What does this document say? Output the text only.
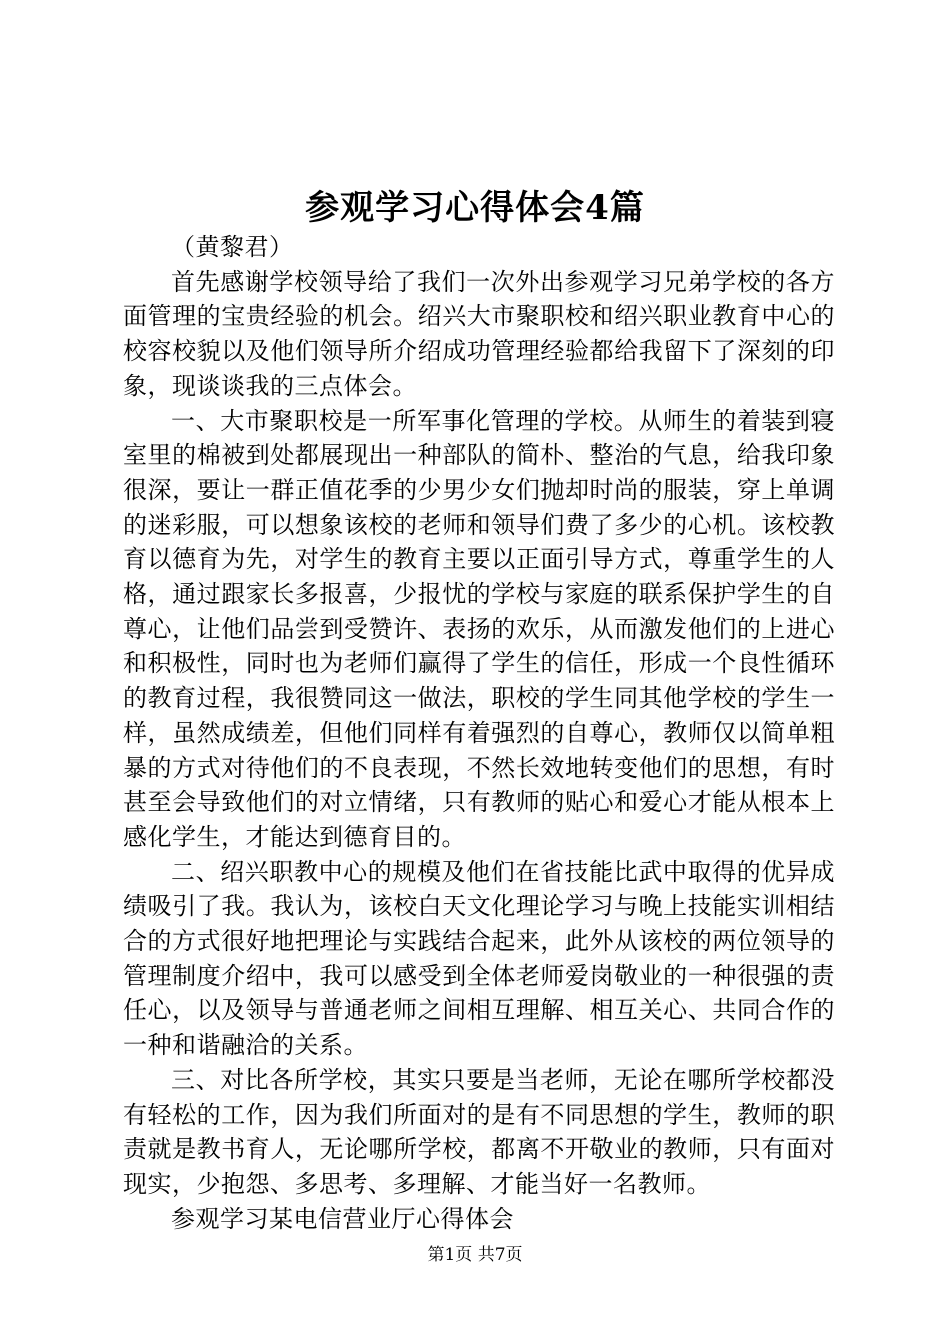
参观学习心得体会4篇

（黄黎君）

首先感谢学校领导给了我们一次外出参观学习兄弟学校的各方面管理的宝贵经验的机会。绍兴大市聚职校和绍兴职业教育中心的校容校貌以及他们领导所介绍成功管理经验都给我留下了深刻的印象，现谈谈我的三点体会。

一、大市聚职校是一所军事化管理的学校。从师生的着装到寝室里的棉被到处都展现出一种部队的简朴、整治的气息，给我印象很深，要让一群正值花季的少男少女们抛却时尚的服装，穿上单调的迷彩服，可以想象该校的老师和领导们费了多少的心机。该校教育以德育为先，对学生的教育主要以正面引导方式，尊重学生的人格，通过跟家长多报喜，少报忧的学校与家庭的联系保护学生的自尊心，让他们品尝到受赞许、表扬的欢乐，从而激发他们的上进心和积极性，同时也为老师们赢得了学生的信任，形成一个良性循环的教育过程，我很赞同这一做法，职校的学生同其他学校的学生一样，虽然成绩差，但他们同样有着强烈的自尊心，教师仅以简单粗暴的方式对待他们的不良表现，不然长效地转变他们的思想，有时甚至会导致他们的对立情绪，只有教师的贴心和爱心才能从根本上感化学生，才能达到德育目的。

二、绍兴职教中心的规模及他们在省技能比武中取得的优异成绩吸引了我。我认为，该校白天文化理论学习与晚上技能实训相结合的方式很好地把理论与实践结合起来，此外从该校的两位领导的管理制度介绍中，我可以感受到全体老师爱岗敬业的一种很强的责任心，以及领导与普通老师之间相互理解、相互关心、共同合作的一种和谐融洽的关系。

三、对比各所学校，其实只要是当老师，无论在哪所学校都没有轻松的工作，因为我们所面对的是有不同思想的学生，教师的职责就是教书育人，无论哪所学校，都离不开敬业的教师，只有面对现实，少抱怨、多思考、多理解、才能当好一名教师。

参观学习某电信营业厅心得体会

第1页 共7页
